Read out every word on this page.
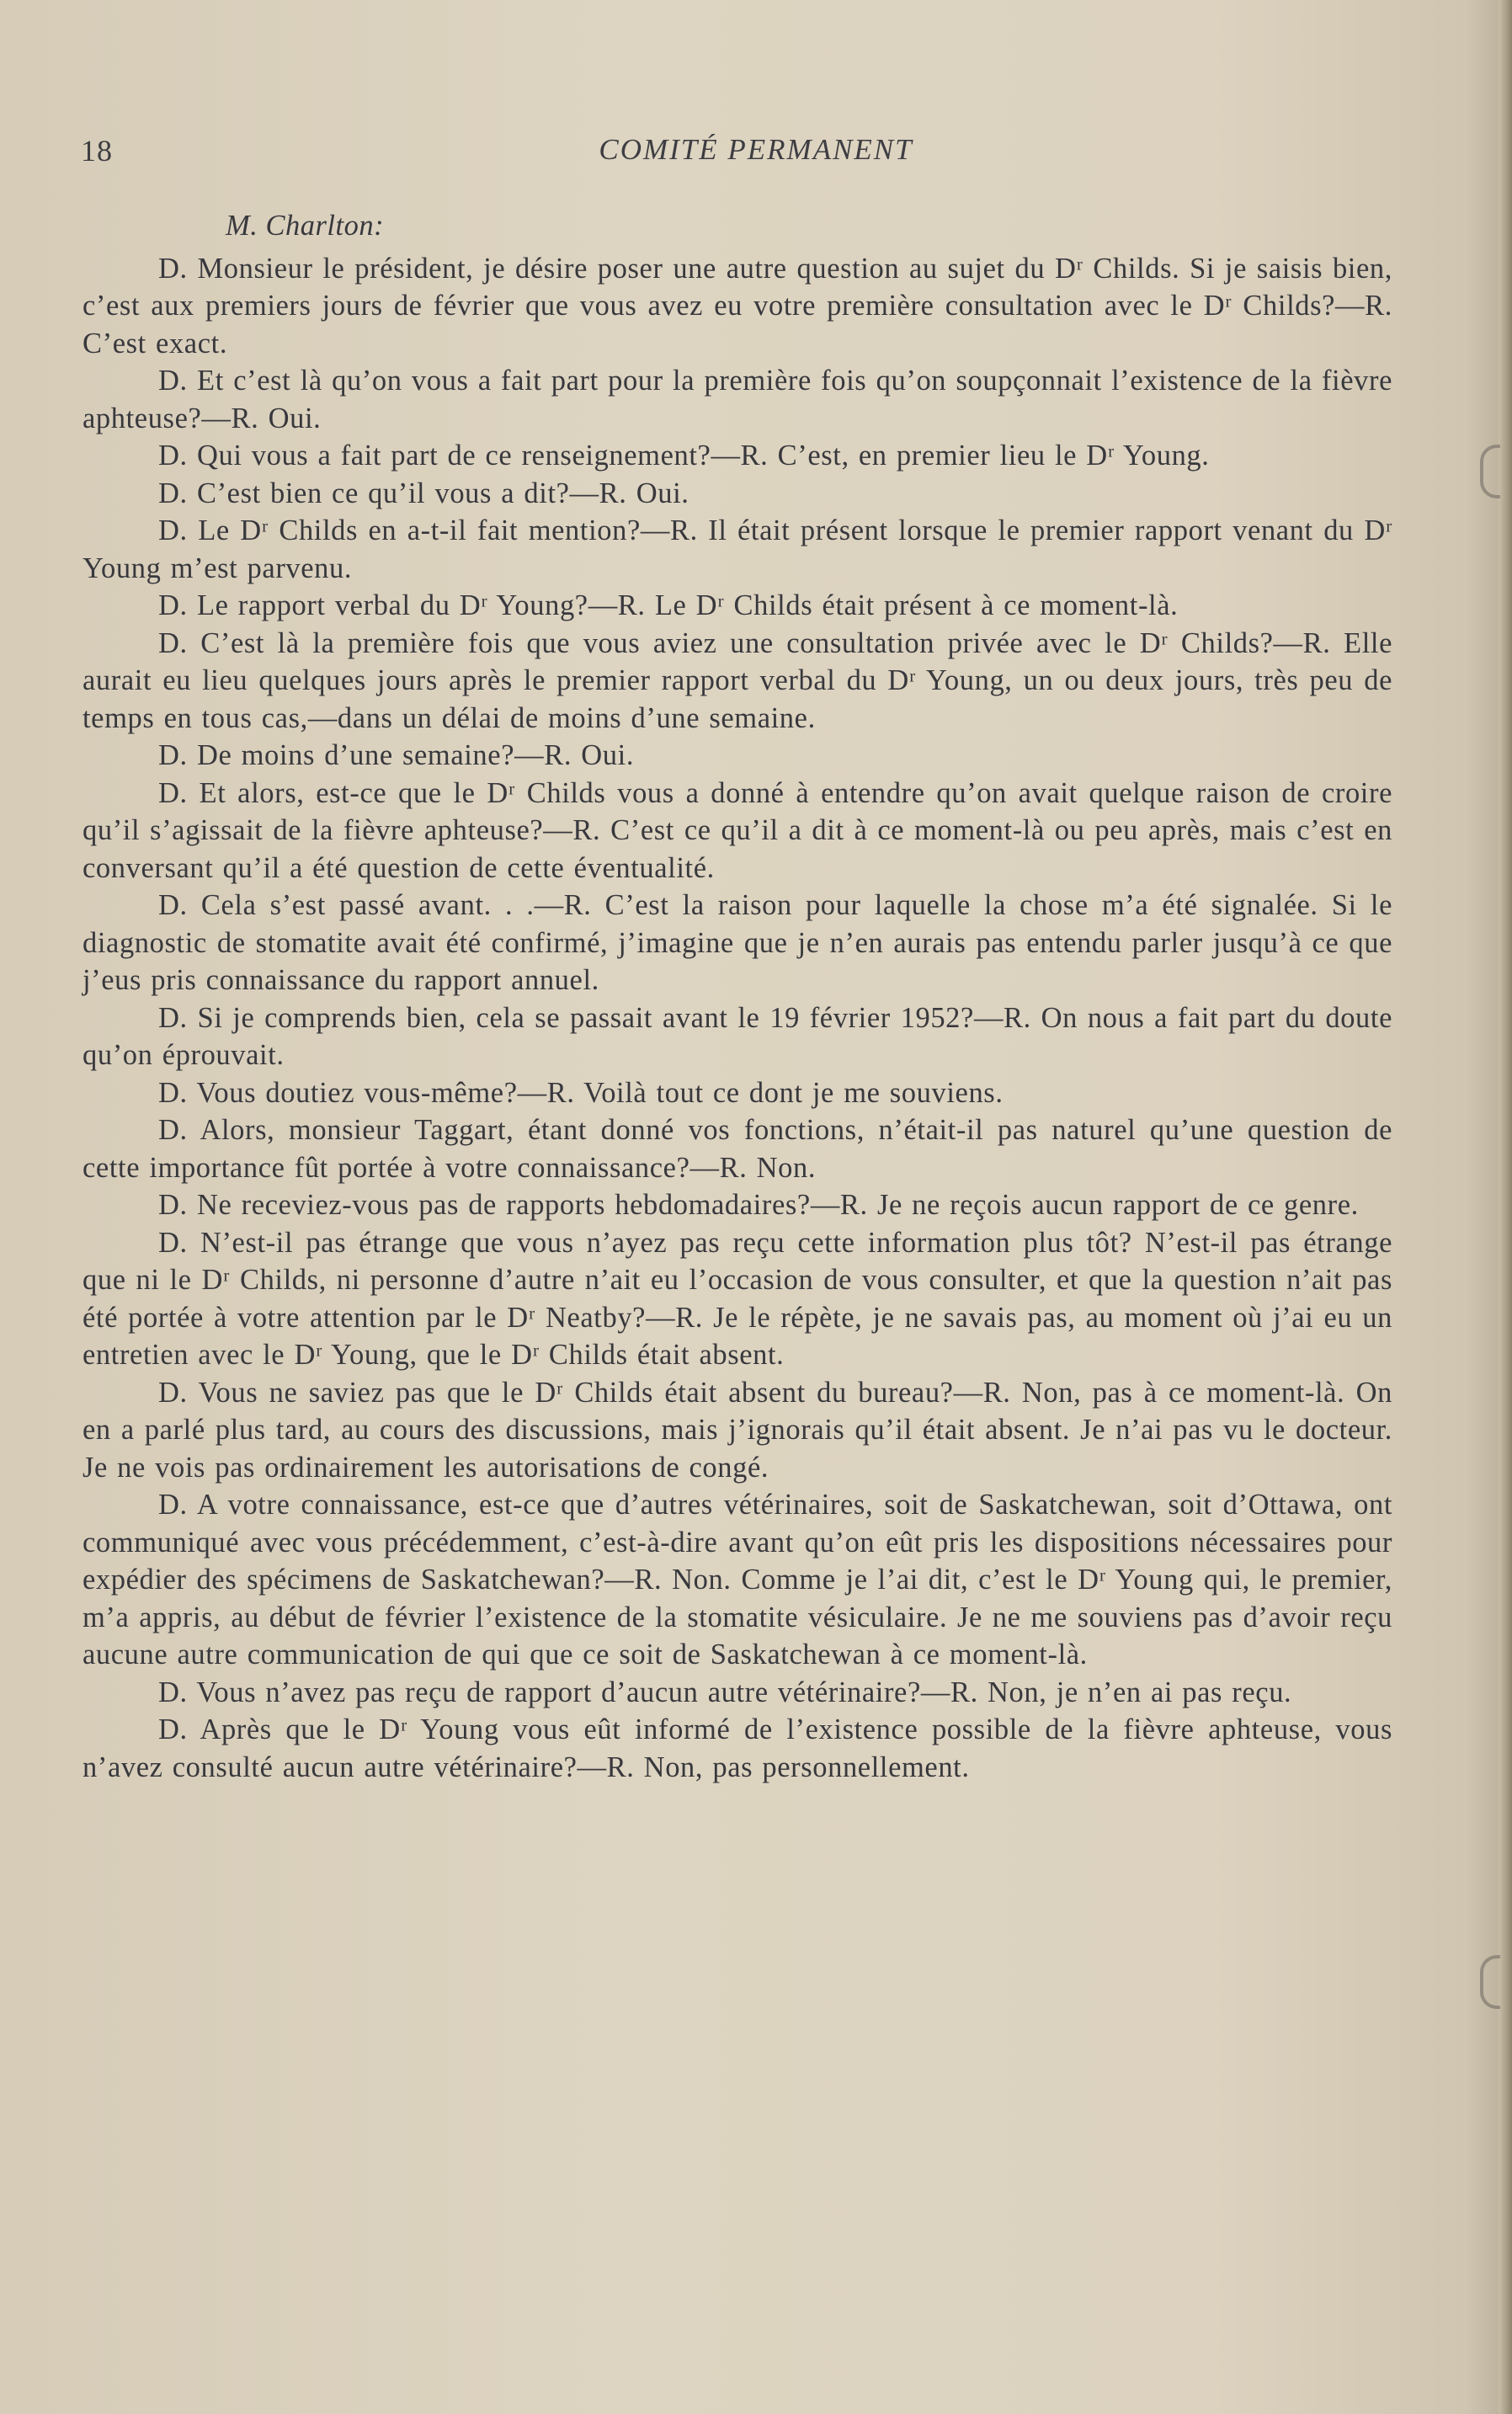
COMITÉ PERMANENT
18

M. Charlton:

D. Monsieur le président, je désire poser une autre question au sujet du Dʳ Childs. Si je saisis bien, c’est aux premiers jours de février que vous avez eu votre première consultation avec le Dʳ Childs?—R. C’est exact.

D. Et c’est là qu’on vous a fait part pour la première fois qu’on soupçonnait l’existence de la fièvre aphteuse?—R. Oui.

D. Qui vous a fait part de ce renseignement?—R. C’est, en premier lieu le Dʳ Young.

D. C’est bien ce qu’il vous a dit?—R. Oui.

D. Le Dʳ Childs en a-t-il fait mention?—R. Il était présent lorsque le premier rapport venant du Dʳ Young m’est parvenu.

D. Le rapport verbal du Dʳ Young?—R. Le Dʳ Childs était présent à ce moment-là.

D. C’est là la première fois que vous aviez une consultation privée avec le Dʳ Childs?—R. Elle aurait eu lieu quelques jours après le premier rapport verbal du Dʳ Young, un ou deux jours, très peu de temps en tous cas,—dans un délai de moins d’une semaine.

D. De moins d’une semaine?—R. Oui.

D. Et alors, est-ce que le Dʳ Childs vous a donné à entendre qu’on avait quelque raison de croire qu’il s’agissait de la fièvre aphteuse?—R. C’est ce qu’il a dit à ce moment-là ou peu après, mais c’est en conversant qu’il a été question de cette éventualité.

D. Cela s’est passé avant. . .—R. C’est la raison pour laquelle la chose m’a été signalée. Si le diagnostic de stomatite avait été confirmé, j’imagine que je n’en aurais pas entendu parler jusqu’à ce que j’eus pris connaissance du rapport annuel.

D. Si je comprends bien, cela se passait avant le 19 février 1952?—R. On nous a fait part du doute qu’on éprouvait.

D. Vous doutiez vous-même?—R. Voilà tout ce dont je me souviens.

D. Alors, monsieur Taggart, étant donné vos fonctions, n’était-il pas naturel qu’une question de cette importance fût portée à votre connaissance?—R. Non.

D. Ne receviez-vous pas de rapports hebdomadaires?—R. Je ne reçois aucun rapport de ce genre.

D. N’est-il pas étrange que vous n’ayez pas reçu cette information plus tôt? N’est-il pas étrange que ni le Dʳ Childs, ni personne d’autre n’ait eu l’occasion de vous consulter, et que la question n’ait pas été portée à votre attention par le Dʳ Neatby?—R. Je le répète, je ne savais pas, au moment où j’ai eu un entretien avec le Dʳ Young, que le Dʳ Childs était absent.

D. Vous ne saviez pas que le Dʳ Childs était absent du bureau?—R. Non, pas à ce moment-là. On en a parlé plus tard, au cours des discussions, mais j’ignorais qu’il était absent. Je n’ai pas vu le docteur. Je ne vois pas ordinairement les autorisations de congé.

D. A votre connaissance, est-ce que d’autres vétérinaires, soit de Saskatchewan, soit d’Ottawa, ont communiqué avec vous précédemment, c’est-à-dire avant qu’on eût pris les dispositions nécessaires pour expédier des spécimens de Saskatchewan?—R. Non. Comme je l’ai dit, c’est le Dʳ Young qui, le premier, m’a appris, au début de février l’existence de la stomatite vésiculaire. Je ne me souviens pas d’avoir reçu aucune autre communication de qui que ce soit de Saskatchewan à ce moment-là.

D. Vous n’avez pas reçu de rapport d’aucun autre vétérinaire?—R. Non, je n’en ai pas reçu.

D. Après que le Dʳ Young vous eût informé de l’existence possible de la fièvre aphteuse, vous n’avez consulté aucun autre vétérinaire?—R. Non, pas personnellement.
